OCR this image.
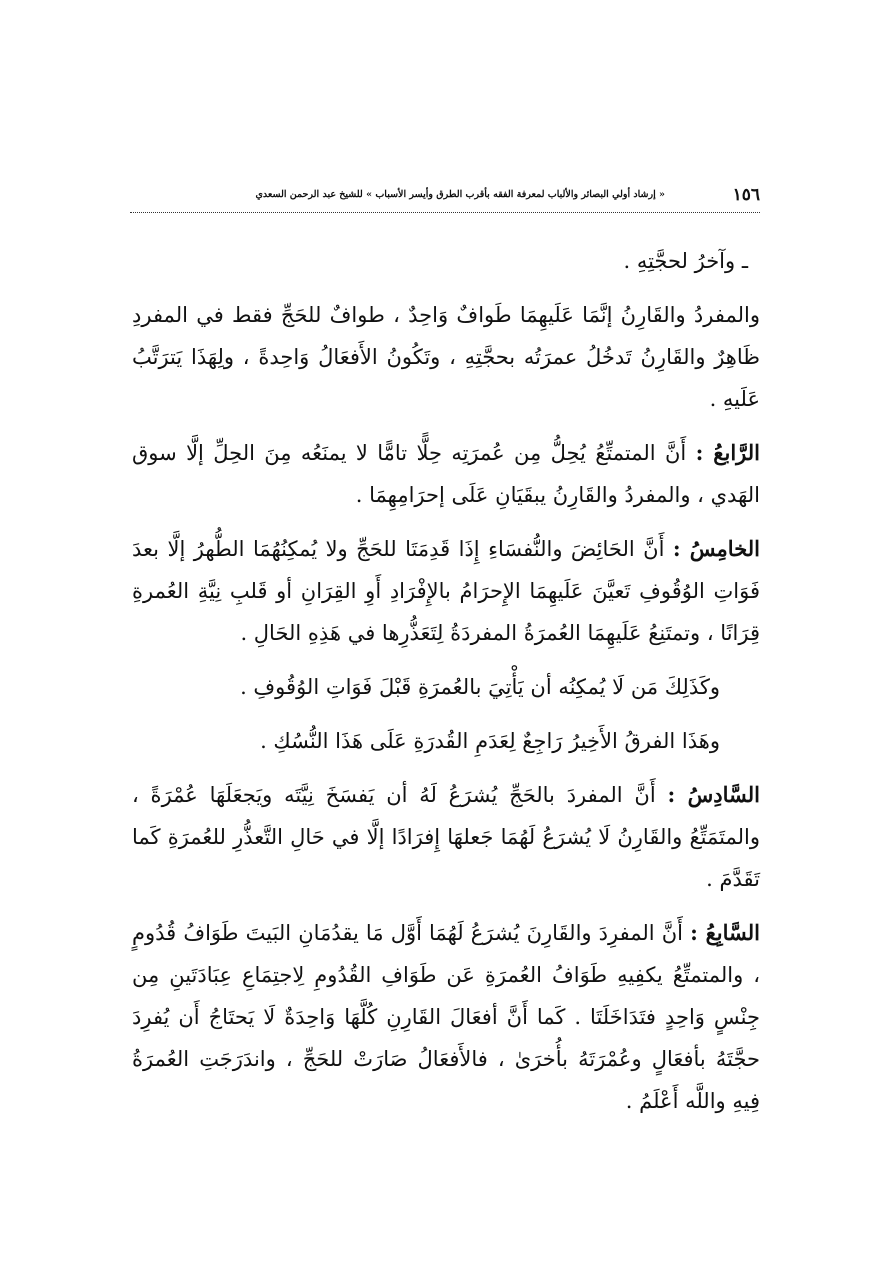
١٥٦
« إرشاد أولي البصائر والألباب لمعرفة الفقه بأقرب الطرق وأيسر الأسباب » للشيخ عبد الرحمن السعدي

ـ وآخرُ لحجَّتِهِ .

والمفردُ والقَارِنُ إنَّمَا عَلَيهِمَا طَوافٌ وَاحِدٌ ، طوافٌ للحَجِّ فقط في المفردِ ظَاهِرٌ والقَارِنُ تَدخُلُ عمرَتُه بحجَّتِهِ ، وتَكُونُ الأَفعَالُ وَاحِدةً ، ولِهَذَا يَترَتَّبُ عَلَيهِ .

الرَّابعُ : أَنَّ المتمتِّعُ يُحِلُّ مِن عُمرَتِه حِلًّا تامًّا لا يمنَعُه مِنَ الحِلِّ إلَّا سوق الهَدي ، والمفردُ والقَارِنُ يبقَيَانِ عَلَى إحرَامِهِمَا .

الخامِسُ : أَنَّ الحَائِضَ والنُّفسَاءِ إِذَا قَدِمَتَا للحَجِّ ولا يُمكِنُهُمَا الطُّهرُ إلَّا بعدَ فَوَاتِ الوُقُوفِ تَعيَّنَ عَلَيهِمَا الإِحرَامُ بالإِفْرَادِ أَوِ القِرَانِ أو قَلبِ نِيَّةِ العُمرةِ قِرَانًا ، وتمتَنِعُ عَلَيهِمَا العُمرَةُ المفردَةُ لِتَعَذُّرِها في هَذِهِ الحَالِ .

وكَذَلِكَ مَن لَا يُمكِنُه أن يَأْتِيَ بالعُمرَةِ قَبْلَ فَوَاتِ الوُقُوفِ .

وهَذَا الفرقُ الأَخِيرُ رَاجِعٌ لِعَدَمِ القُدرَةِ عَلَى هَذَا النُّسُكِ .

السَّادِسُ : أَنَّ المفردَ بالحَجِّ يُشرَعُ لَهُ أن يَفسَخَ نِيَّتَه ويَجعَلَهَا عُمْرَةً ، والمتَمَتِّعُ والقَارِنُ لَا يُشرَعُ لَهُمَا جَعلهَا إِفرَادًا إلَّا في حَالِ التَّعذُّرِ للعُمرَةِ كَما تَقَدَّمَ .

السَّابِعُ : أَنَّ المفرِدَ والقَارِنَ يُشرَعُ لَهُمَا أَوَّل مَا يقدُمَانِ البَيتَ طَوَافُ قُدُومٍ ، والمتمتِّعُ يكفِيهِ طَوَافُ العُمرَةِ عَن طَوَافِ القُدُومِ لِاجتِمَاعِ عِبَادَتَينِ مِن جِنْسٍ وَاحِدٍ فتَدَاخَلَتَا . كَما أَنَّ أفعَالَ القَارِنِ كُلَّهَا وَاحِدَةٌ لَا يَحتَاجُ أَن يُفرِدَ حجَّتَهُ بأفعَالٍ وعُمْرَتَهُ بأُخرَىٰ ، فالأَفعَالُ صَارَتْ للحَجِّ ، واندَرَجَتِ العُمرَةُ فِيهِ واللَّه أَعْلَمُ .
